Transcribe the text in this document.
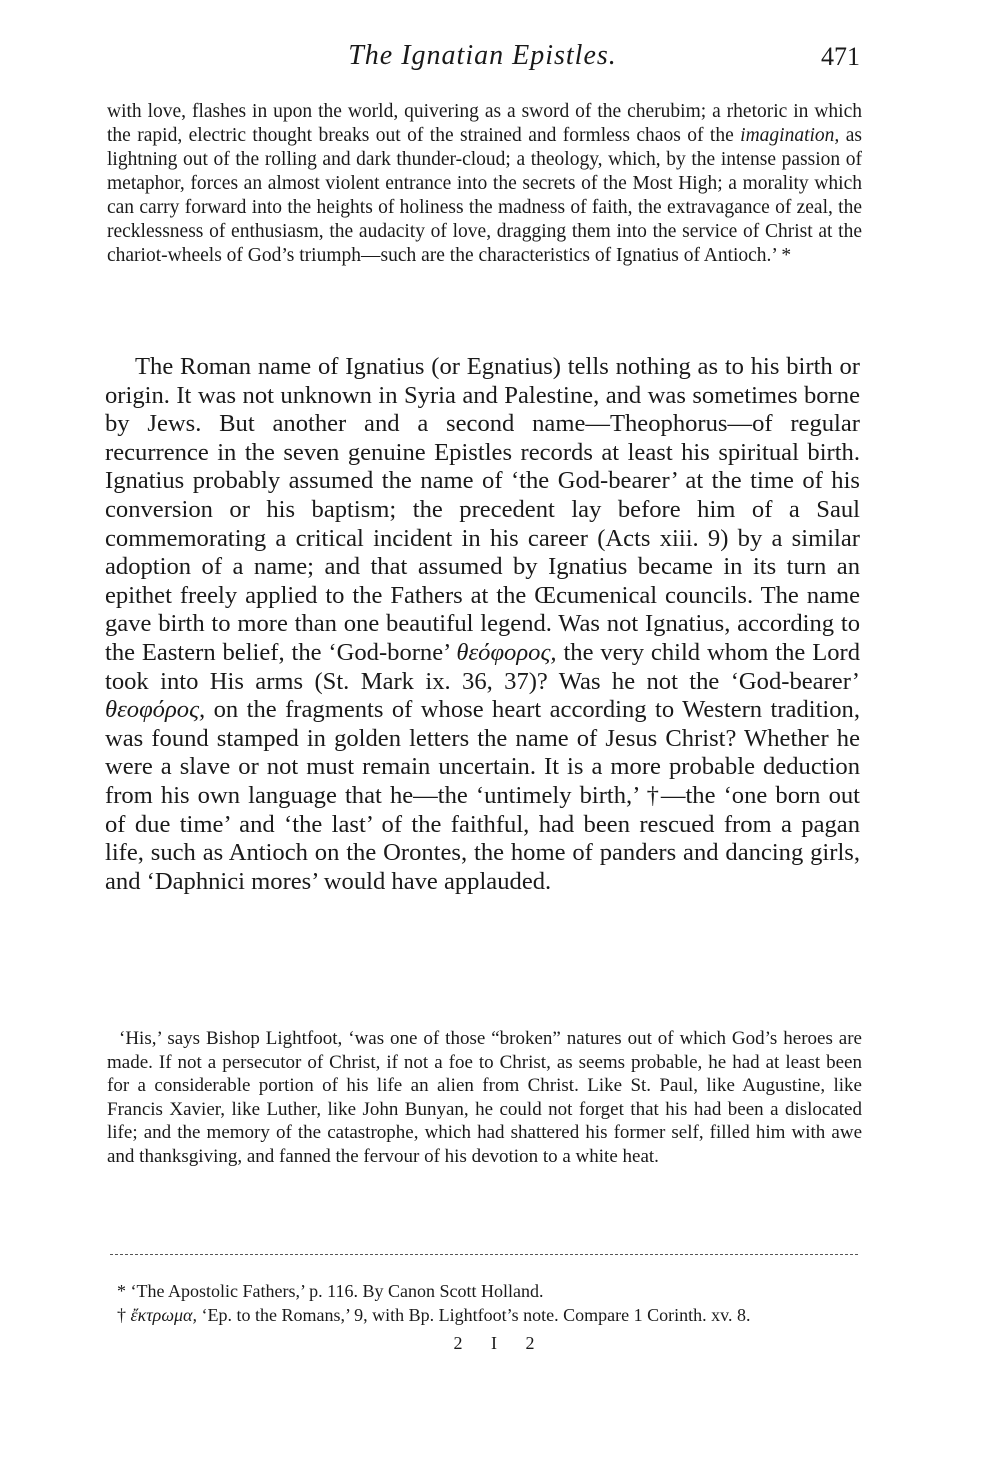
The Ignatian Epistles.	471

with love, flashes in upon the world, quivering as a sword of the cherubim; a rhetoric in which the rapid, electric thought breaks out of the strained and formless chaos of the imagination, as lightning out of the rolling and dark thunder-cloud; a theology, which, by the intense passion of metaphor, forces an almost violent entrance into the secrets of the Most High; a morality which can carry forward into the heights of holiness the madness of faith, the extravagance of zeal, the recklessness of enthusiasm, the audacity of love, dragging them into the service of Christ at the chariot-wheels of God’s triumph—such are the characteristics of Ignatius of Antioch.’ *

The Roman name of Ignatius (or Egnatius) tells nothing as to his birth or origin. It was not unknown in Syria and Palestine, and was sometimes borne by Jews. But another and a second name—Theophorus—of regular recurrence in the seven genuine Epistles records at least his spiritual birth. Ignatius probably assumed the name of ‘the God-bearer’ at the time of his conversion or his baptism; the precedent lay before him of a Saul commemorating a critical incident in his career (Acts xiii. 9) by a similar adoption of a name; and that assumed by Ignatius became in its turn an epithet freely applied to the Fathers at the Œcumenical councils. The name gave birth to more than one beautiful legend. Was not Ignatius, according to the Eastern belief, the ‘God-borne’ θεόφορος, the very child whom the Lord took into His arms (St. Mark ix. 36, 37)? Was he not the ‘God-bearer’ θεοφόρος, on the fragments of whose heart according to Western tradition, was found stamped in golden letters the name of Jesus Christ? Whether he were a slave or not must remain uncertain. It is a more probable deduction from his own language that he—the ‘untimely birth,’ †—the ‘one born out of due time’ and ‘the last’ of the faithful, had been rescued from a pagan life, such as Antioch on the Orontes, the home of panders and dancing girls, and ‘Daphnici mores’ would have applauded.

‘His,’ says Bishop Lightfoot, ‘was one of those “broken” natures out of which God’s heroes are made. If not a persecutor of Christ, if not a foe to Christ, as seems probable, he had at least been for a considerable portion of his life an alien from Christ. Like St. Paul, like Augustine, like Francis Xavier, like Luther, like John Bunyan, he could not forget that his had been a dislocated life; and the memory of the catastrophe, which had shattered his former self, filled him with awe and thanksgiving, and fanned the fervour of his devotion to a white heat.

* ‘The Apostolic Fathers,’ p. 116. By Canon Scott Holland.

† ἔκτρωμα, ‘Ep. to the Romans,’ 9, with Bp. Lightfoot’s note. Compare 1 Corinth. xv. 8.

2 I 2
